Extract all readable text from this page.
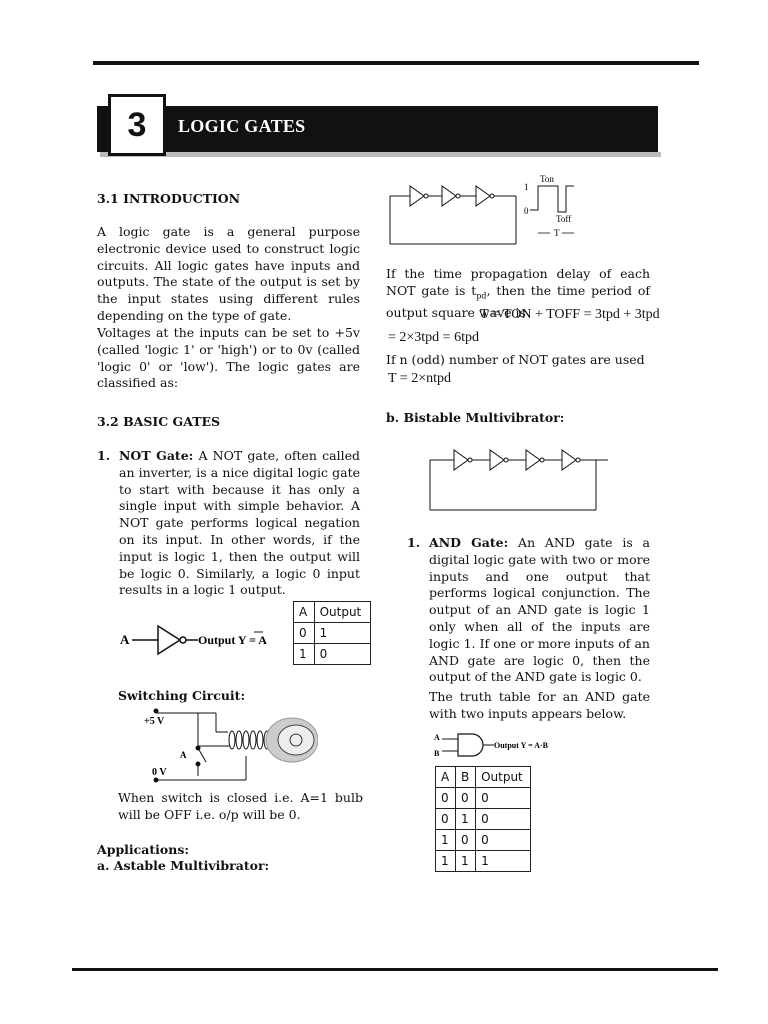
3	LOGIC GATES
3.1 INTRODUCTION
A logic gate is a general purpose electronic device used to construct logic circuits. All logic gates have inputs and outputs. The state of the output is set by the input states using different rules depending on the type of gate.
Voltages at the inputs can be set to +5v (called 'logic 1' or 'high') or to 0v (called 'logic 0' or 'low'). The logic gates are classified as:
3.2 BASIC GATES
1. NOT Gate: A NOT gate, often called an inverter, is a nice digital logic gate to start with because it has only a single input with simple behavior. A NOT gate performs logical negation on its input. In other words, if the input is logic 1, then the output will be logic 0. Similarly, a logic 0 input results in a logic 1 output.
A	Output Y = A
A	Output
0	1
1	0
Switching Circuit:
+5 V
A
0 V
When switch is closed i.e. A=1 bulb will be OFF i.e. o/p will be 0.
Applications:
a. Astable Multivibrator:
1
0
Ton
Toff
T
If the time propagation delay of each NOT gate is $t_{pd}$, then the time period of output square wave is
T = TON + TOFF = 3tpd + 3tpd
= 2×3tpd = 6tpd
If n (odd) number of NOT gates are used
T = 2×ntpd
b. Bistable Multivibrator:
1. AND Gate: An AND gate is a digital logic gate with two or more inputs and one output that performs logical conjunction. The output of an AND gate is logic 1 only when all of the inputs are logic 1. If one or more inputs of an AND gate are logic 0, then the output of the AND gate is logic 0.
The truth table for an AND gate with two inputs appears below.
A
B
Output Y = A·B
A	B	Output
0	0	0
0	1	0
1	0	0
1	1	1
